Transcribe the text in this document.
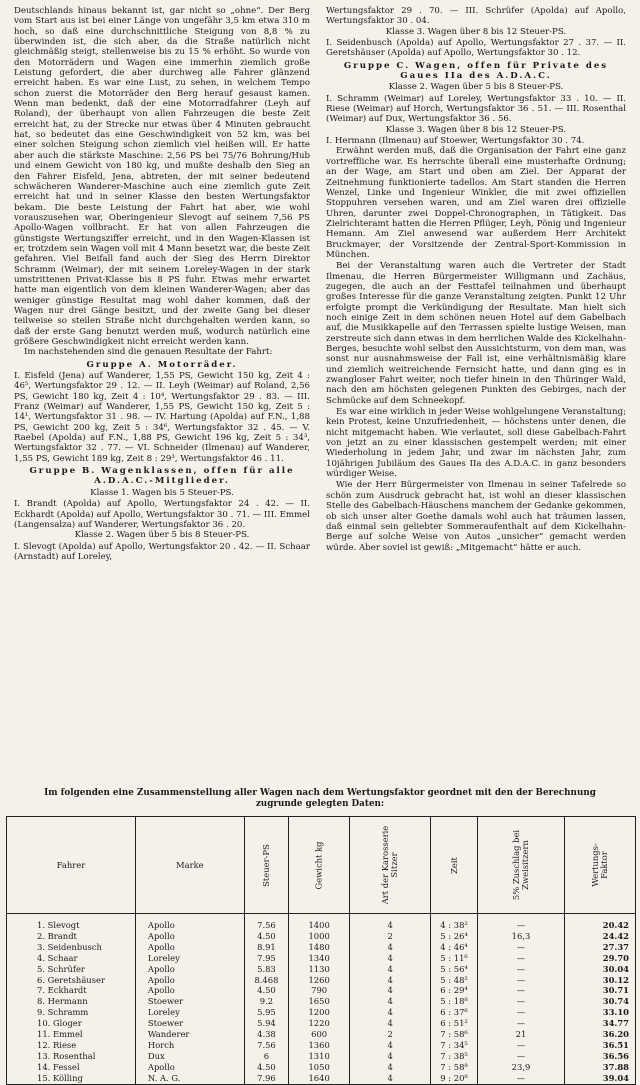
Deutschlands hinaus bekannt ist, gar nicht so „ohne“. Der Berg vom Start aus ist bei einer Länge von ungefähr 3,5 km etwa 310 m hoch, so daß eine durchschnittliche Steigung von 8,8 % zu überwinden ist, die sich aber, da die Straße natürlich nicht gleichmäßig steigt, stellenweise bis zu 15 % erhöht. So wurde von den Motorrädern und Wagen eine immerhin ziemlich große Leistung gefordert, die aber durchweg alle Fahrer glänzend erreicht haben. Es war eine Lust, zu sehen, in welchem Tempo schon zuerst die Motorräder den Berg herauf gesaust kamen. Wenn man bedenkt, daß der eine Motorradfahrer (Leyh auf Roland), der überhaupt von allen Fahrzeugen die beste Zeit erreicht hat, zu der Strecke nur etwas über 4 Minuten gebraucht hat, so bedeutet das eine Geschwindigkeit von 52 km, was bei einer solchen Steigung schon ziemlich viel heißen will. Er hatte aber auch die stärkste Maschine: 2,56 PS bei 75/76 Bohrung/Hub und einem Gewicht von 180 kg, und mußte deshalb den Sieg an den Fahrer Eisfeld, Jena, abtreten, der mit seiner bedeutend schwächeren Wanderer-Maschine auch eine ziemlich gute Zeit erreicht hat und in seiner Klasse den besten Wertungsfaktor bekam. Die beste Leistung der Fahrt hat aber, wie wohl vorauszusehen war, Oberingenieur Slevogt auf seinem 7,56 PS Apollo-Wagen vollbracht. Er hat von allen Fahrzeugen die günstigste Wertungsziffer erreicht, und in den Wagen-Klassen ist er, trotzdem sein Wagen voll mit 4 Mann besetzt war, die beste Zeit gefahren. Viel Beifall fand auch der Sieg des Herrn Direktor Schramm (Weimar), der mit seinem Loreley-Wagen in der stark umstrittenen Privat-Klasse bis 8 PS fuhr. Etwas mehr erwartet hatte man eigentlich von dem kleinen Wanderer-Wagen; aber das weniger günstige Resultat mag wohl daher kommen, daß der Wagen nur drei Gänge besitzt, und der zweite Gang bei dieser teilweise so steilen Straße nicht durchgehalten werden kann, so daß der erste Gang benutzt werden muß, wodurch natürlich eine größere Geschwindigkeit nicht erreicht werden kann.

Im nachstehenden sind die genauen Resultate der Fahrt:

Gruppe A. Motorräder.

I. Eisfeld (Jena) auf Wanderer, 1,55 PS, Gewicht 150 kg, Zeit 4 : 46⁵, Wertungsfaktor 29 . 12. — II. Leyh (Weimar) auf Roland, 2,56 PS, Gewicht 180 kg, Zeit 4 : 10⁴, Wertungsfaktor 29 . 83. — III. Franz (Weimar) auf Wanderer, 1,55 PS, Gewicht 150 kg, Zeit 5 : 14¹, Wertungsfaktor 31 . 98. — IV. Hartung (Apolda) auf F.N., 1,88 PS, Gewicht 200 kg, Zeit 5 : 34⁶, Wertungsfaktor 32 . 45. — V. Raebel (Apolda) auf F.N., 1,88 PS, Gewicht 196 kg, Zeit 5 : 34³, Wertungsfaktor 32 . 77. — VI. Schneider (Ilmenau) auf Wanderer, 1,55 PS, Gewicht 189 kg, Zeit 8 : 29³, Wertungsfaktor 46 . 11.

Gruppe B. Wagenklassen, offen für alle A.D.A.C.-Mitglieder.

Klasse 1. Wagen bis 5 Steuer-PS.

I. Brandt (Apolda) auf Apollo, Wertungsfaktor 24 . 42. — II. Eckhardt (Apolda) auf Apollo, Wertungsfaktor 30 . 71. — III. Emmel (Langensalza) auf Wanderer, Wertungsfaktor 36 . 20.

Klasse 2. Wagen über 5 bis 8 Steuer-PS.

I. Slevogt (Apolda) auf Apollo, Wertungsfaktor 20 . 42. — II. Schaar (Arnstadt) auf Loreley,

Wertungsfaktor 29 . 70. — III. Schrüfer (Apolda) auf Apollo, Wertungsfaktor 30 . 04.

Klasse 3. Wagen über 8 bis 12 Steuer-PS.

I. Seidenbusch (Apolda) auf Apollo, Wertungsfaktor 27 . 37. — II. Geretshäuser (Apolda) auf Apollo, Wertungsfaktor 30 . 12.

Gruppe C. Wagen, offen für Private des Gaues IIa des A.D.A.C.

Klasse 2. Wagen über 5 bis 8 Steuer-PS.

I. Schramm (Weimar) auf Loreley, Wertungsfaktor 33 . 10. — II. Riese (Weimar) auf Horch, Wertungsfaktor 36 . 51. — III. Rosenthal (Weimar) auf Dux, Wertungsfaktor 36 . 56.

Klasse 3. Wagen über 8 bis 12 Steuer-PS.

I. Hermann (Ilmenau) auf Stoewer, Wertungsfaktor 30 . 74.

Erwähnt werden muß, daß die Organisation der Fahrt eine ganz vortreffliche war. Es herrschte überall eine musterhafte Ordnung; an der Wage, am Start und oben am Ziel. Der Apparat der Zeitnehmung funktionierte tadellos. Am Start standen die Herren Wenzel, Linke und Ingenieur Winkler, die mit zwei offiziellen Stoppuhren versehen waren, und am Ziel waren drei offizielle Uhren, darunter zwei Doppel-Chronographen, in Tätigkeit. Das Zielrichteramt hatten die Herren Pflüger, Leyh, Pönig und Ingenieur Hemann. Am Ziel anwesend war außerdem Herr Architekt Bruckmayer, der Vorsitzende der Zentral-Sport-Kommission in München.

Bei der Veranstaltung waren auch die Vertreter der Stadt Ilmenau, die Herren Bürgermeister Willigmann und Zachäus, zugegen, die auch an der Festtafel teilnahmen und überhaupt großes Interesse für die ganze Veranstaltung zeigten. Punkt 12 Uhr erfolgte prompt die Verkündigung der Resultate. Man hielt sich noch einige Zeit in dem schönen neuen Hotel auf dem Gabelbach auf, die Musikkapelle auf den Terrassen spielte lustige Weisen, man zerstreute sich dann etwas in dem herrlichen Walde des Kickelhahn-Berges, besuchte wohl selbst den Aussichtsturm, von dem man, was sonst nur ausnahmsweise der Fall ist, eine verhältnismäßig klare und ziemlich weitreichende Fernsicht hatte, und dann ging es in zwangloser Fahrt weiter, noch tiefer hinein in den Thüringer Wald, nach den am höchsten gelegenen Punkten des Gebirges, nach der Schmücke auf dem Schneekopf.

Es war eine wirklich in jeder Weise wohlgelungene Veranstaltung; kein Protest, keine Unzufriedenheit, — höchstens unter denen, die nicht mitgemacht haben. Wie verlautet, soll diese Gabelbach-Fahrt von jetzt an zu einer klassischen gestempelt werden; mit einer Wiederholung in jedem Jahr, und zwar im nächsten Jahr, zum 10jährigen Jubiläum des Gaues IIa des A.D.A.C. in ganz besonders würdiger Weise.

Wie der Herr Bürgermeister von Ilmenau in seiner Tafelrede so schön zum Ausdruck gebracht hat, ist wohl an dieser klassischen Stelle des Gabelbach-Häuschens manchem der Gedanke gekommen, ob sich unser alter Goethe damals wohl auch hat träumen lassen, daß einmal sein geliebter Sommeraufenthalt auf dem Kickelhahn-Berge auf solche Weise von Autos „unsicher“ gemacht werden würde. Aber soviel ist gewiß: „Mitgemacht“ hätte er auch.

Im folgenden eine Zusammenstellung aller Wagen nach dem Wertungsfaktor geordnet mit den der Berechnung zugrunde gelegten Daten:
Fahrer	Marke	Steuer-PS	Gewicht kg	Art der Karosserie Sitzer	Zeit	5% Zuschlag bei Zweisitzern	Wertungs-Faktor

1. Slevogt	Apollo	7.56	1400	4	4 : 38²	—	20.42
2. Brandt	Apollo	4.50	1000	2	5 : 26⁴	16,3	24.42
3. Seidenbusch	Apollo	8.91	1480	4	4 : 46⁴	—	27.37
4. Schaar	Loreley	7.95	1340	4	5 : 11⁶	—	29.70
5. Schrüfer	Apollo	5.83	1130	4	5 : 56⁴	—	30.04
6. Geretshäuser	Apollo	8.468	1260	4	5 : 48²	—	30.12
7. Eckhardt	Apollo	4.50	790	4	6 : 29⁴	—	30.71
8. Hermann	Stoewer	9.2	1650	4	5 : 18⁸	—	30.74
9. Schramm	Loreley	5.95	1200	4	6 : 37⁶	—	33.10
10. Gloger	Stoewer	5.94	1220	4	6 : 51²	—	34.77
11. Emmel	Wanderer	4.38	600	2	7 : 58⁶	21	36.20
12. Riese	Horch	7.56	1360	4	7 : 34⁵	—	36.51
13. Rosenthal	Dux	6	1310	4	7 : 38⁵	—	36.56
14. Fessel	Apollo	4.50	1050	4	7 : 58⁸	23,9	37.88
15. Kölling	N. A. G.	7.96	1640	4	9 : 20⁸	—	39.04
